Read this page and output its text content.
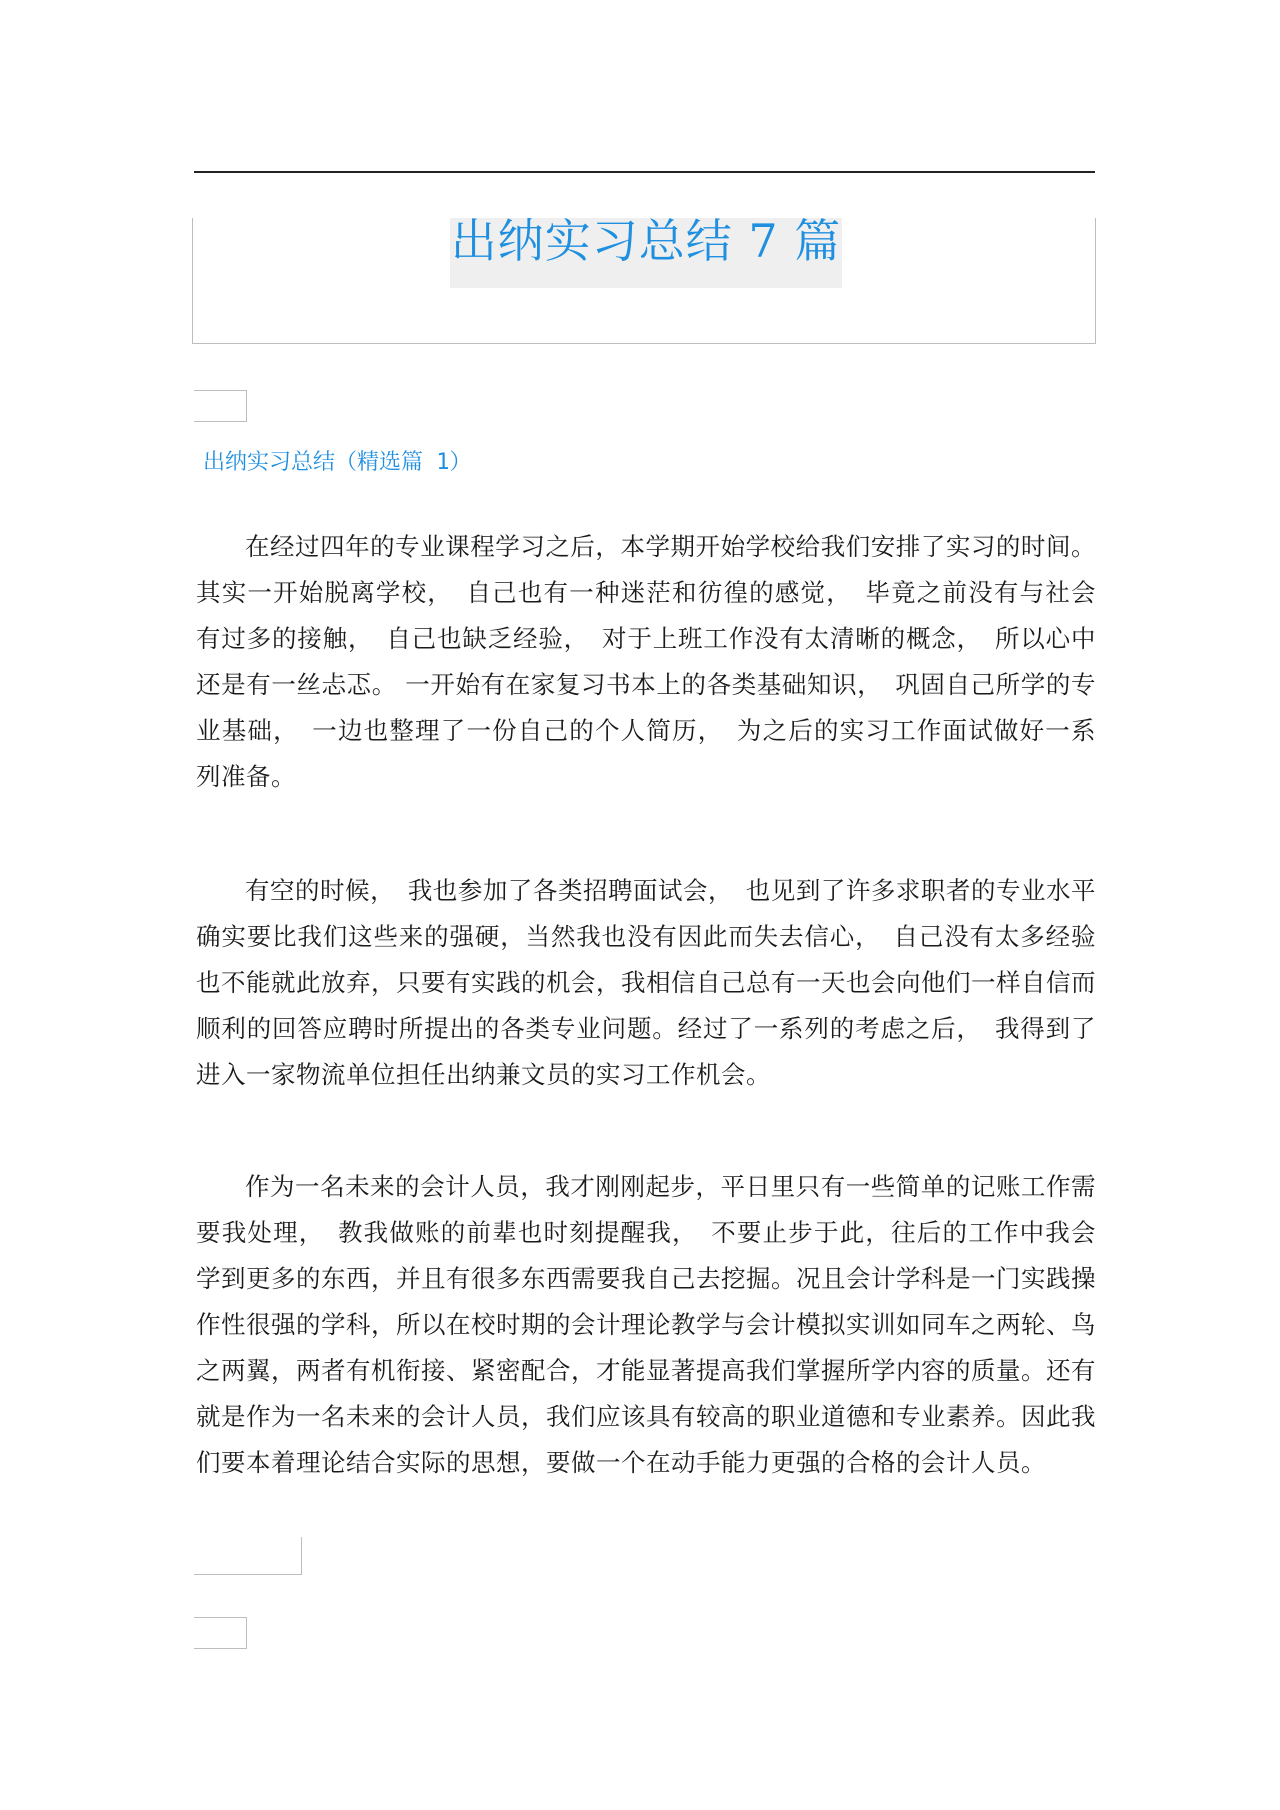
出纳实习总结 7 篇
出纳实习总结（精选篇 1）

在经过四年的专业课程学习之后，本学期开始学校给我们安排了实习的时间。其实一开始脱离学校，　自己也有一种迷茫和彷徨的感觉，　毕竟之前没有与社会有过多的接触，　自己也缺乏经验，　对于上班工作没有太清晰的概念，　所以心中还是有一丝忐忑。 一开始有在家复习书本上的各类基础知识，　巩固自己所学的专业基础，　一边也整理了一份自己的个人简历，　为之后的实习工作面试做好一系列准备。

有空的时候，　我也参加了各类招聘面试会，　也见到了许多求职者的专业水平确实要比我们这些来的强硬，当然我也没有因此而失去信心，　自己没有太多经验也不能就此放弃，只要有实践的机会，我相信自己总有一天也会向他们一样自信而顺利的回答应聘时所提出的各类专业问题。经过了一系列的考虑之后，　我得到了进入一家物流单位担任出纳兼文员的实习工作机会。

作为一名未来的会计人员，我才刚刚起步，平日里只有一些简单的记账工作需要我处理，　教我做账的前辈也时刻提醒我，　不要止步于此，往后的工作中我会学到更多的东西，并且有很多东西需要我自己去挖掘。况且会计学科是一门实践操作性很强的学科，所以在校时期的会计理论教学与会计模拟实训如同车之两轮、鸟之两翼，两者有机衔接、紧密配合，才能显著提高我们掌握所学内容的质量。还有就是作为一名未来的会计人员，我们应该具有较高的职业道德和专业素养。因此我们要本着理论结合实际的思想，要做一个在动手能力更强的合格的会计人员。
